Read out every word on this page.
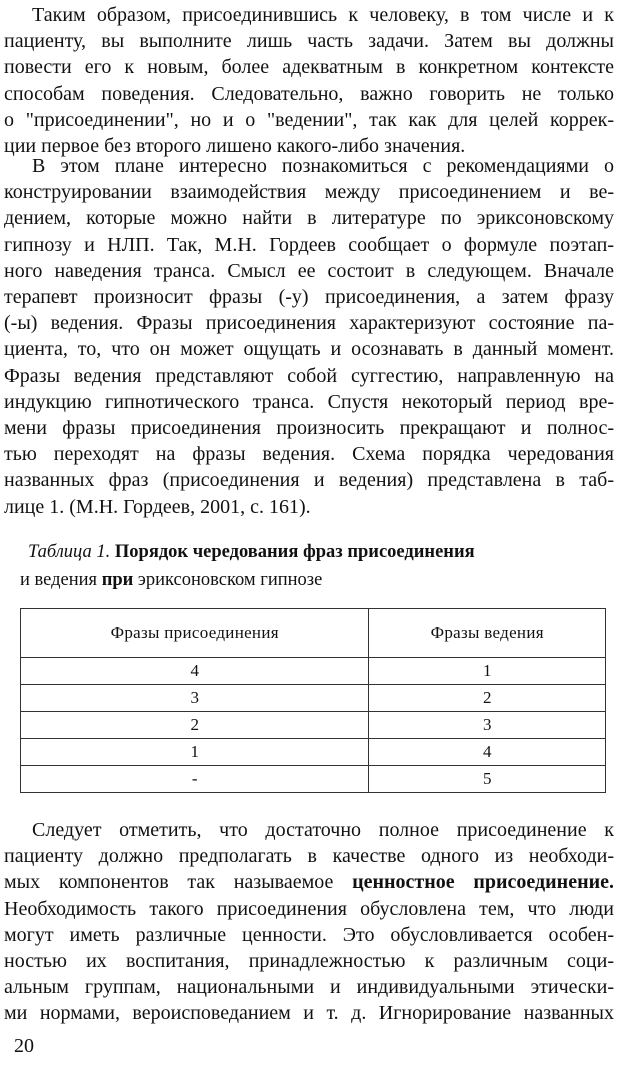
Таким образом, присоединившись к человеку, в том числе и к
пациенту, вы выполните лишь часть задачи. Затем вы должны
повести его к новым, более адекватным в конкретном контексте
способам поведения. Следовательно, важно говорить не только
о "присоединении", но и о "ведении", так как для целей коррек-
ции первое без второго лишено какого-либо значения.
В этом плане интересно познакомиться с рекомендациями о
конструировании взаимодействия между присоединением и ве-
дением, которые можно найти в литературе по эриксоновскому
гипнозу и НЛП. Так, М.Н. Гордеев сообщает о формуле поэтап-
ного наведения транса. Смысл ее состоит в следующем. Вначале
терапевт произносит фразы (-у) присоединения, а затем фразу
(-ы) ведения. Фразы присоединения характеризуют состояние па-
циента, то, что он может ощущать и осознавать в данный момент.
Фразы ведения представляют собой суггестию, направленную на
индукцию гипнотического транса. Спустя некоторый период вре-
мени фразы присоединения произносить прекращают и полнос-
тью переходят на фразы ведения. Схема порядка чередования
названных фраз (присоединения и ведения) представлена в таб-
лице 1. (М.Н. Гордеев, 2001, с. 161).
Таблица 1. Порядок чередования фраз присоединения
и ведения при эриксоновском гипнозе
Фразы присоединения	Фразы ведения
4	1
3	2
2	3
1	4
-	5
Следует отметить, что достаточно полное присоединение к
пациенту должно предполагать в качестве одного из необходи-
мых компонентов так называемое ценностное присоединение.
Необходимость такого присоединения обусловлена тем, что люди
могут иметь различные ценности. Это обусловливается особен-
ностью их воспитания, принадлежностью к различным соци-
альным группам, национальными и индивидуальными этически-
ми нормами, вероисповеданием и т. д. Игнорирование названных
20
